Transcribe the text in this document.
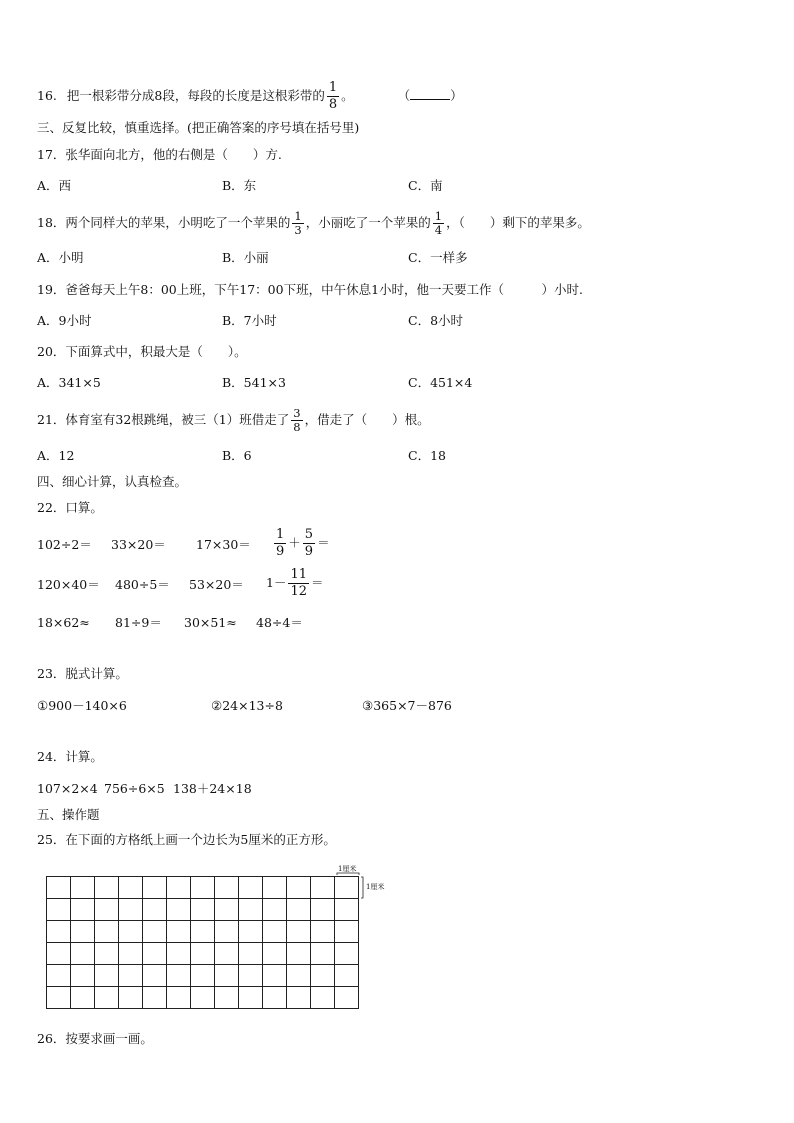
16. 把一根彩带分成8段，每段的长度是这根彩带的 $\frac{1}{8}$ 。	（	）
三、反复比较，慎重选择。(把正确答案的序号填在括号里)
17．张华面向北方，他的右侧是（　　）方.
A．西	B．东	C．南
18．两个同样大的苹果，小明吃了一个苹果的 $\frac{1}{3}$ ，小丽吃了一个苹果的 $\frac{1}{4}$ ，（　　）剩下的苹果多。
A．小明	B．小丽	C．一样多
19．爸爸每天上午8：00上班，下午17：00下班，中午休息1小时，他一天要工作（　　　）小时.
A．9小时	B．7小时	C．8小时
20．下面算式中，积最大是（　　）。
A．341×5	B．541×3	C．451×4
21．体育室有32根跳绳，被三（1）班借走了 $\frac{3}{8}$ ，借走了（　　）根。
A．12	B．6	C．18
四、细心计算，认真检查。
22．口算。
$102\div 2= 33\times 20= 17\times 30= \frac{1}{9} + \frac{5}{9}$ ＝
$120\times 40= 480\div 5= 53\times 20= 1- \frac{11}{12}$ ＝
18×62≈ 81÷9＝ 30×51≈ 48÷4＝
23．脱式计算。
①900－140×6	②24×13÷8	③365×7－876
24．计算。
107×2×4 756÷6×5 138＋24×18
五、操作题
25．在下面的方格纸上画一个边长为5厘米的正方形。
1厘米
1厘米
26．按要求画一画。
